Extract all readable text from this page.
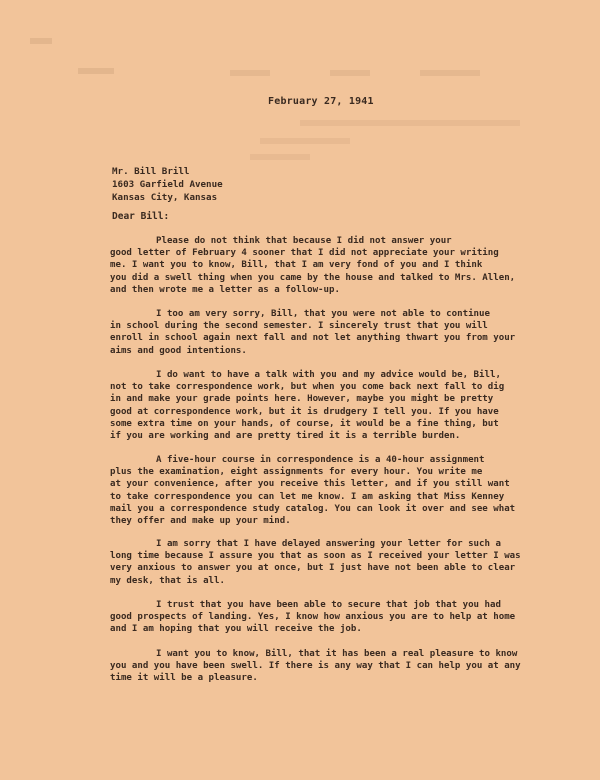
February 27, 1941
Mr. Bill Brill
1603 Garfield Avenue
Kansas City, Kansas
Dear Bill:
Please do not think that because I did not answer your
good letter of February 4 sooner that I did not appreciate your writing
me. I want you to know, Bill, that I am very fond of you and I think
you did a swell thing when you came by the house and talked to Mrs. Allen,
and then wrote me a letter as a follow-up.
I too am very sorry, Bill, that you were not able to continue
in school during the second semester. I sincerely trust that you will
enroll in school again next fall and not let anything thwart you from your
aims and good intentions.
I do want to have a talk with you and my advice would be, Bill,
not to take correspondence work, but when you come back next fall to dig
in and make your grade points here. However, maybe you might be pretty
good at correspondence work, but it is drudgery I tell you. If you have
some extra time on your hands, of course, it would be a fine thing, but
if you are working and are pretty tired it is a terrible burden.
A five-hour course in correspondence is a 40-hour assignment
plus the examination, eight assignments for every hour. You write me
at your convenience, after you receive this letter, and if you still want
to take correspondence you can let me know. I am asking that Miss Kenney
mail you a correspondence study catalog. You can look it over and see what
they offer and make up your mind.
I am sorry that I have delayed answering your letter for such a
long time because I assure you that as soon as I received your letter I was
very anxious to answer you at once, but I just have not been able to clear
my desk, that is all.
I trust that you have been able to secure that job that you had
good prospects of landing. Yes, I know how anxious you are to help at home
and I am hoping that you will receive the job.
I want you to know, Bill, that it has been a real pleasure to know
you and you have been swell. If there is any way that I can help you at any
time it will be a pleasure.
